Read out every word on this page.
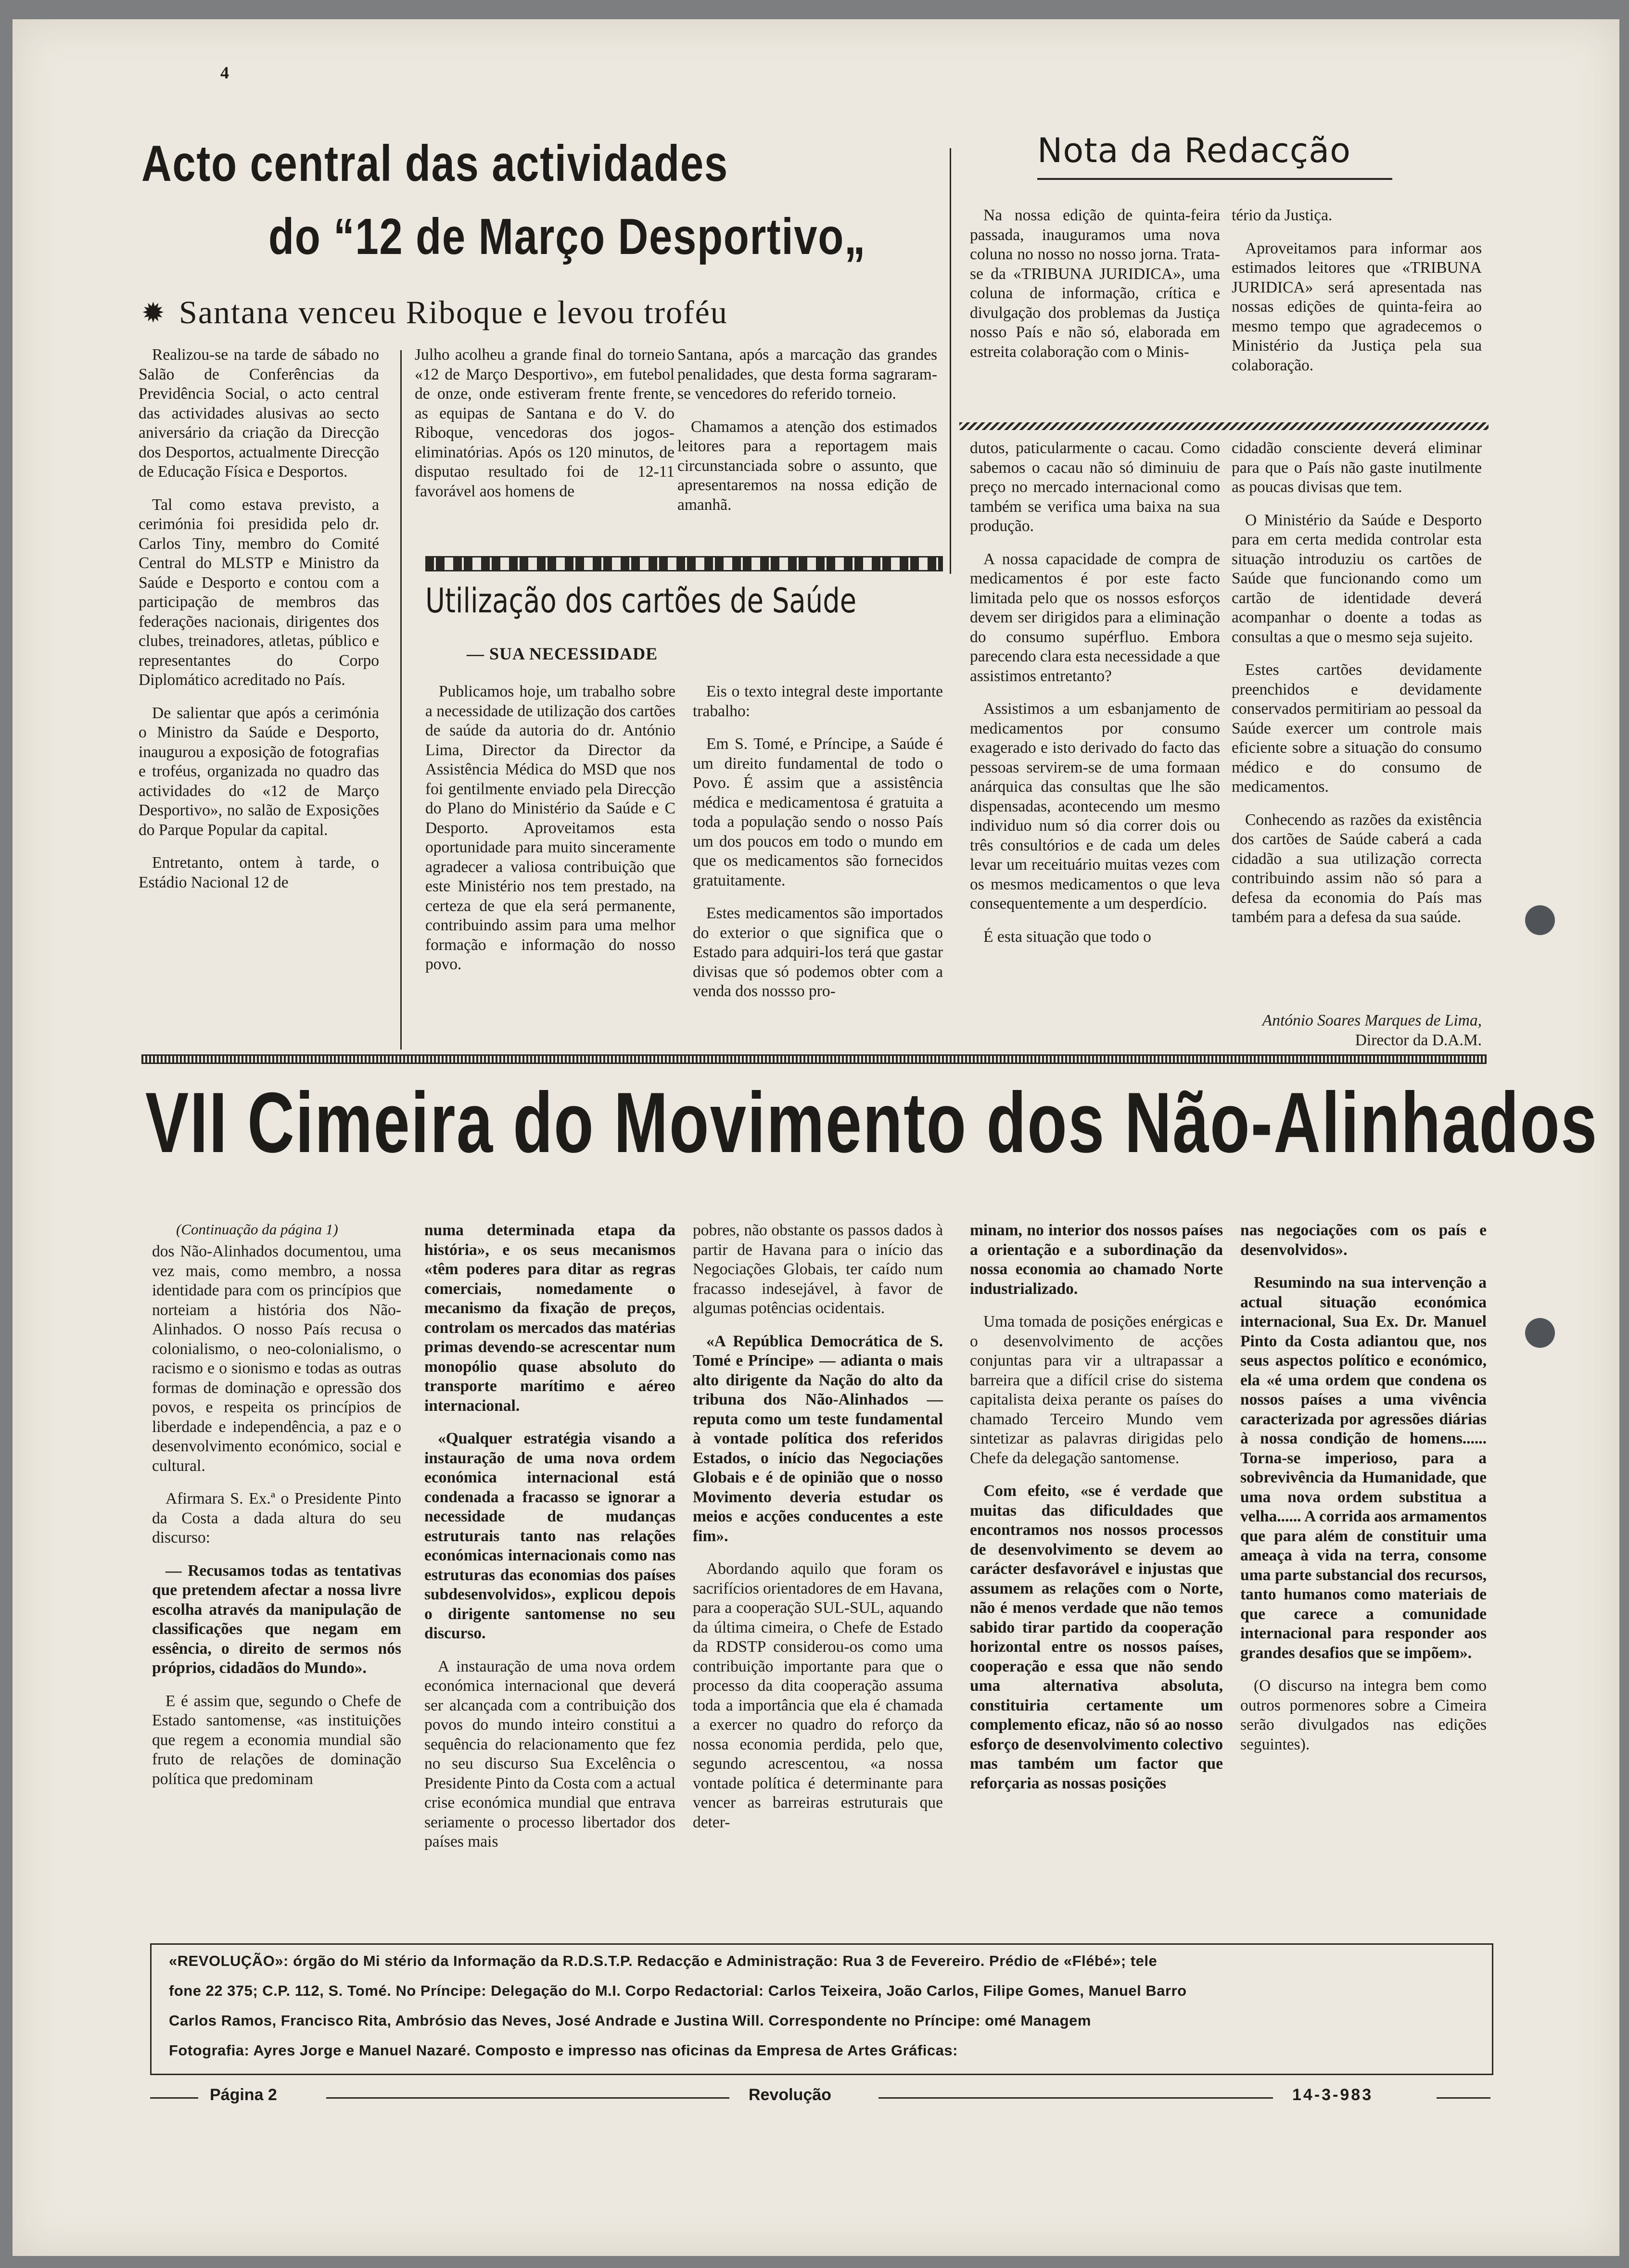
4
Acto central das actividades
do “12 de Março Desportivo„
✹ Santana venceu Riboque e levou troféu

Realizou-se na tarde de sábado no Salão de Conferências da Previdência Social, o acto central das actividades alusivas ao secto aniversário da criação da Direcção dos Desportos, actualmente Direcção de Educação Física e Desportos.

Tal como estava previsto, a cerimónia foi presidida pelo dr. Carlos Tiny, membro do Comité Central do MLSTP e Ministro da Saúde e Desporto e contou com a participação de membros das federações nacionais, dirigentes dos clubes, treinadores, atletas, público e representantes do Corpo Diplomático acreditado no País.

De salientar que após a cerimónia o Ministro da Saúde e Desporto, inaugurou a exposição de fotografias e troféus, organizada no quadro das actividades do «12 de Março Desportivo», no salão de Exposições do Parque Popular da capital.

Entretanto, ontem à tarde, o Estádio Nacional 12 de

Julho acolheu a grande final do torneio «12 de Março Desportivo», em futebol de onze, onde estiveram frente frente, as equipas de Santana e do V. do Riboque, vencedoras dos jogos-eliminatórias. Após os 120 minutos, de disputao resultado foi de 12-11 favorável aos homens de

Santana, após a marcação das grandes penalidades, que desta forma sagraram-se vencedores do referido torneio.

Chamamos a atenção dos estimados leitores para a reportagem mais circunstanciada sobre o assunto, que apresentaremos na nossa edição de amanhã.

Nota da Redacção

Na nossa edição de quinta-feira passada, inauguramos uma nova coluna no nosso no nosso jorna. Trata-se da «TRIBUNA JURIDICA», uma coluna de informação, crítica e divulgação dos problemas da Justiça nosso País e não só, elaborada em estreita colaboração com o Minis-

tério da Justiça.

Aproveitamos para informar aos estimados leitores que «TRIBUNA JURIDICA» será apresentada nas nossas edições de quinta-feira ao mesmo tempo que agradecemos o Ministério da Justiça pela sua colaboração.

Utilização dos cartões de Saúde
— SUA NECESSIDADE

Publicamos hoje, um trabalho sobre a necessidade de utilização dos cartões de saúde da autoria do dr. António Lima, Director da Director da Assistência Médica do MSD que nos foi gentilmente enviado pela Direcção do Plano do Ministério da Saúde e C Desporto. Aproveitamos esta oportunidade para muito sinceramente agradecer a valiosa contribuição que este Ministério nos tem prestado, na certeza de que ela será permanente, contribuindo assim para uma melhor formação e informação do nosso povo.

Eis o texto integral deste importante trabalho:

Em S. Tomé, e Príncipe, a Saúde é um direito fundamental de todo o Povo. É assim que a assistência médica e medicamentosa é gratuita a toda a população sendo o nosso País um dos poucos em todo o mundo em que os medicamentos são fornecidos gratuitamente.

Estes medicamentos são importados do exterior o que significa que o Estado para adquiri-los terá que gastar divisas que só podemos obter com a venda dos nossso pro-

dutos, paticularmente o cacau. Como sabemos o cacau não só diminuiu de preço no mercado internacional como também se verifica uma baixa na sua produção.

A nossa capacidade de compra de medicamentos é por este facto limitada pelo que os nossos esforços devem ser dirigidos para a eliminação do consumo supérfluo. Embora parecendo clara esta necessidade a que assistimos entretanto?

Assistimos a um esbanjamento de medicamentos por consumo exagerado e isto derivado do facto das pessoas servirem-se de uma formaan anárquica das consultas que lhe são dispensadas, acontecendo um mesmo individuo num só dia correr dois ou três consultórios e de cada um deles levar um receituário muitas vezes com os mesmos medicamentos o que leva consequentemente a um desperdício.

É esta situação que todo o

cidadão consciente deverá eliminar para que o País não gaste inutilmente as poucas divisas que tem.

O Ministério da Saúde e Desporto para em certa medida controlar esta situação introduziu os cartões de Saúde que funcionando como um cartão de identidade deverá acompanhar o doente a todas as consultas a que o mesmo seja sujeito.

Estes cartões devidamente preenchidos e devidamente conservados permitiriam ao pessoal da Saúde exercer um controle mais eficiente sobre a situação do consumo médico e do consumo de medicamentos.

Conhecendo as razões da existência dos cartões de Saúde caberá a cada cidadão a sua utilização correcta contribuindo assim não só para a defesa da economia do País mas também para a defesa da sua saúde.

António Soares Marques de Lima, Director da D.A.M.
VII Cimeira do Movimento dos Não-Alinhados
(Continuação da página 1)

dos Não-Alinhados documentou, uma vez mais, como membro, a nossa identidade para com os princípios que norteiam a história dos Não-Alinhados. O nosso País recusa o colonialismo, o neo-colonialismo, o racismo e o sionismo e todas as outras formas de dominação e opressão dos povos, e respeita os princípios de liberdade e independência, a paz e o desenvolvimento económico, social e cultural.

Afirmara S. Ex.ª o Presidente Pinto da Costa a dada altura do seu discurso:

— Recusamos todas as tentativas que pretendem afectar a nossa livre escolha através da manipulação de classificações que negam em essência, o direito de sermos nós próprios, cidadãos do Mundo».

E é assim que, segundo o Chefe de Estado santomense, «as instituições que regem a economia mundial são fruto de relações de dominação política que predominam

numa determinada etapa da história», e os seus mecanismos «têm poderes para ditar as regras comerciais, nomedamente o mecanismo da fixação de preços, controlam os mercados das matérias primas devendo-se acrescentar num monopólio quase absoluto do transporte marítimo e aéreo internacional.

«Qualquer estratégia visando a instauração de uma nova ordem económica internacional está condenada a fracasso se ignorar a necessidade de mudanças estruturais tanto nas relações económicas internacionais como nas estruturas das economias dos países subdesenvolvidos», explicou depois o dirigente santomense no seu discurso.

A instauração de uma nova ordem económica internacional que deverá ser alcançada com a contribuição dos povos do mundo inteiro constitui a sequência do relacionamento que fez no seu discurso Sua Excelência o Presidente Pinto da Costa com a actual crise económica mundial que entrava seriamente o processo libertador dos países mais

pobres, não obstante os passos dados à partir de Havana para o início das Negociações Globais, ter caído num fracasso indesejável, à favor de algumas potências ocidentais.

«A República Democrática de S. Tomé e Príncipe» — adianta o mais alto dirigente da Nação do alto da tribuna dos Não-Alinhados — reputa como um teste fundamental à vontade política dos referidos Estados, o início das Negociações Globais e é de opinião que o nosso Movimento deveria estudar os meios e acções conducentes a este fim».

Abordando aquilo que foram os sacrifícios orientadores de em Havana, para a cooperação SUL-SUL, aquando da última cimeira, o Chefe de Estado da RDSTP considerou-os como uma contribuição importante para que o processo da dita cooperação assuma toda a importância que ela é chamada a exercer no quadro do reforço da nossa economia perdida, pelo que, segundo acrescentou, «a nossa vontade política é determinante para vencer as barreiras estruturais que deter-

minam, no interior dos nossos países a orientação e a subordinação da nossa economia ao chamado Norte industrializado.

Uma tomada de posições enérgicas e o desenvolvimento de acções conjuntas para vir a ultrapassar a barreira que a difícil crise do sistema capitalista deixa perante os países do chamado Terceiro Mundo vem sintetizar as palavras dirigidas pelo Chefe da delegação santomense.

Com efeito, «se é verdade que muitas das dificuldades que encontramos nos nossos processos de desenvolvimento se devem ao carácter desfavorável e injustas que assumem as relações com o Norte, não é menos verdade que não temos sabido tirar partido da cooperação horizontal entre os nossos países, cooperação e essa que não sendo uma alternativa absoluta, constituiria certamente um complemento eficaz, não só ao nosso esforço de desenvolvimento colectivo mas também um factor que reforçaria as nossas posições

nas negociações com os país e desenvolvidos».

Resumindo na sua intervenção a actual situação económica internacional, Sua Ex. Dr. Manuel Pinto da Costa adiantou que, nos seus aspectos político e económico, ela «é uma ordem que condena os nossos países a uma vivência caracterizada por agressões diárias à nossa condição de homens...... Torna-se imperioso, para a sobrevivência da Humanidade, que uma nova ordem substitua a velha...... A corrida aos armamentos que para além de constituir uma ameaça à vida na terra, consome uma parte substancial dos recursos, tanto humanos como materiais de que carece a comunidade internacional para responder aos grandes desafios que se impõem».

(O discurso na integra bem como outros pormenores sobre a Cimeira serão divulgados nas edições seguintes).

«REVOLUÇÃO»: órgão do Mi stério da Informação da R.D.S.T.P. Redacção e Administração: Rua 3 de Fevereiro. Prédio de «Flébé»; tele
fone 22 375; C.P. 112, S. Tomé. No Príncipe: Delegação do M.I. Corpo Redactorial: Carlos Teixeira, João Carlos, Filipe Gomes, Manuel Barro
Carlos Ramos, Francisco Rita, Ambrósio das Neves, José Andrade e Justina Will. Correspondente no Príncipe: omé Managem
Fotografia: Ayres Jorge e Manuel Nazaré. Composto e impresso nas oficinas da Empresa de Artes Gráficas:
Página 2	Revolução	14-3-983
